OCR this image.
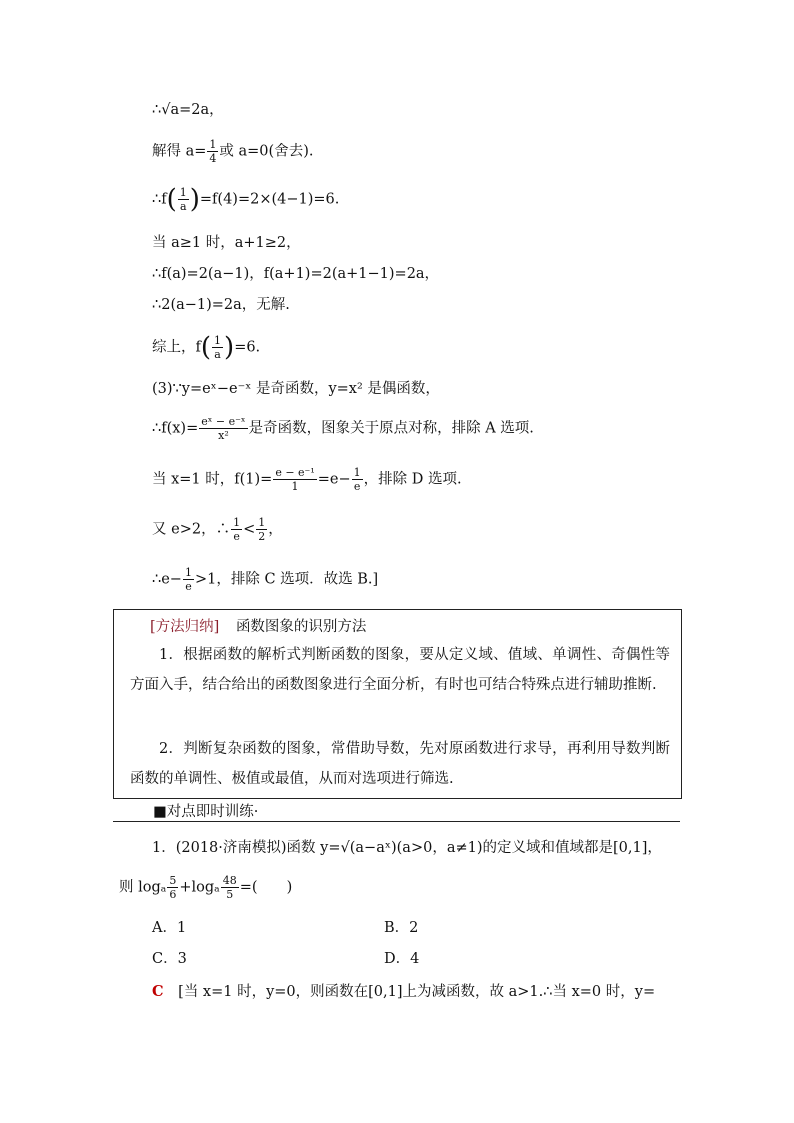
∴√a=2a，
解得 $a= \frac{1}{4}$ 或 a=0(舍去).
∴f( $\frac{1}{a} )=f(4)=2\times(4-1)=6$.
当 a≥1 时，a+1≥2，
∴f(a)=2(a−1)，f(a+1)=2(a+1−1)=2a，
∴2(a−1)=2a，无解.
综上，$f( \frac{1}{a} )=6$.
(3)∵y=eˣ−e⁻ˣ 是奇函数，y=x² 是偶函数，
∴f(x)= $\frac{\text{eˣ − e⁻ˣ}}{\text{x²}}$ 是奇函数，图象关于原点对称，排除 A 选项.
当 x=1 时，$f(1)= \frac{\text{e − e⁻¹}}{1} =e- \frac{1}{e}$ ，排除 D 选项.
又 e>2，∴ $\frac{1}{e} < \frac{1}{2}$ ，
∴e− $\frac{1}{e} >1$，排除 C 选项．故选 B.]
[方法归纳] 函数图象的识别方法
1．根据函数的解析式判断函数的图象，要从定义域、值域、单调性、奇偶性等方面入手，结合给出的函数图象进行全面分析，有时也可结合特殊点进行辅助推断.
2．判断复杂函数的图象，常借助导数，先对原函数进行求导，再利用导数判断函数的单调性、极值或最值，从而对选项进行筛选.
■对点即时训练·
1．(2018·济南模拟)函数 y=√(a−aˣ)(a>0，a≠1)的定义域和值域都是[0,1]，
则 logₐ $\frac{5}{6} +\log_a \frac{48}{5}$ =(　　)
A．1	B．2
C．3	D．4
C [当 x=1 时，y=0，则函数在[0,1]上为减函数，故 a>1.∴当 x=0 时，y=
